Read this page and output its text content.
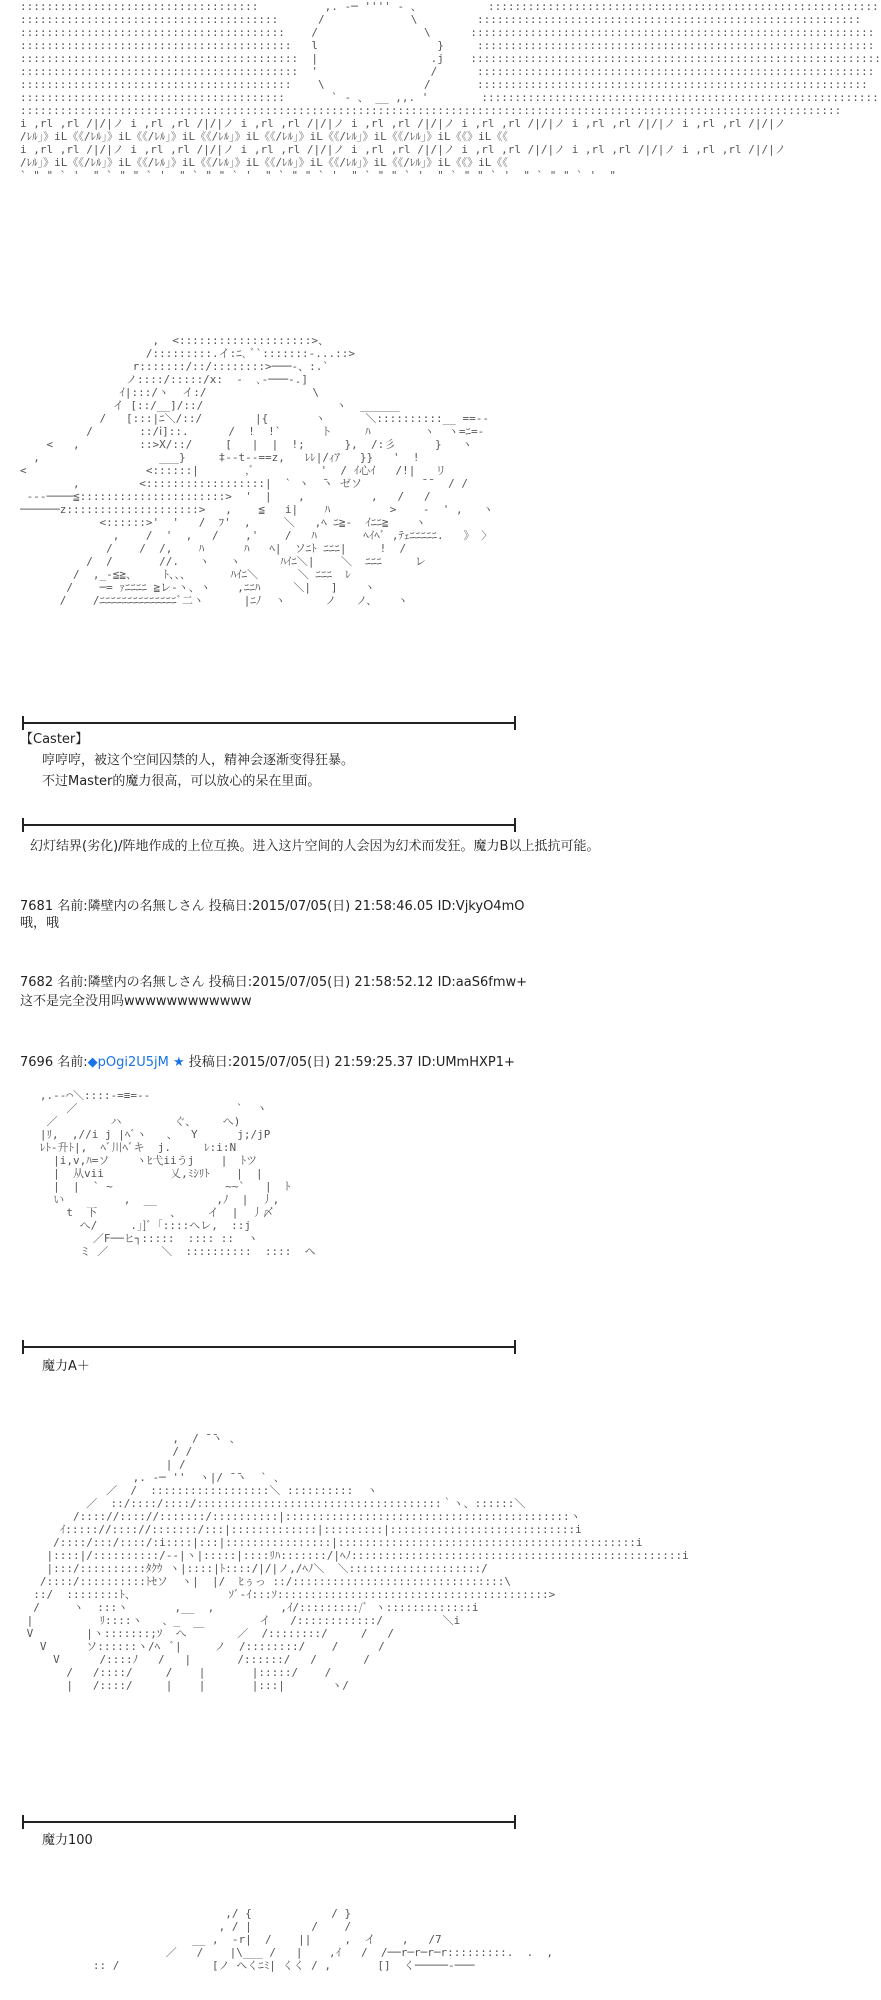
::::::::::::::::::::::::::::::::::::          ,. -─ '''' - 、          :::::::::::::::::::::::::::::::::::::::::::::::::::::::::::
:::::::::::::::::::::::::::::::::::::::      /             \         ::::::::::::::::::::::::::::::::::::::::::::::::::::::::::
::::::::::::::::::::::::::::::::::::::::    /                \      :::::::::::::::::::::::::::::::::::::::::::::::::::::::::::::
:::::::::::::::::::::::::::::::::::::::::   l                  }     ::::::::::::::::::::::::::::::::::::::::::::::::::::::::::::
::::::::::::::::::::::::::::::::::::::::::  |                 .j    ::::::::::::::::::::::::::::::::::::::::::::::::::::::::::::::
::::::::::::::::::::::::::::::::::::::::::  '                 /      ::::::::::::::::::::::::::::::::::::::::::::::::::::::::::::
:::::::::::::::::::::::::::::::::::::::::    \               /       :::::::::::::::::::::::::::::::::::::::::::::::::::::::::::
::::::::::::::::::::::::::::::::::::::::       ` - 、 __ ,,. '        ::::::::::::::::::::::::::::::::::::::::::::::::::::::::::::
::::::::::::::::::::::::::::::::::::::::::::::::::::::::::::::::::::::::::::::::::::::::::::::::::::::::::::::::::::::::::::
i ,rl ,rl /|/|ノ i ,rl ,rl /|/|ノ i ,rl ,rl /|/|ノ i ,rl ,rl /|/|ノ i ,rl ,rl /|/|ノ i ,rl ,rl /|/|ノ i ,rl ,rl /|/|ノ
/ﾚﾙ」》iL《《/ﾚﾙ」》iL《《/ﾚﾙ」》iL《《/ﾚﾙ」》iL《《/ﾚﾙ」》iL《《/ﾚﾙ」》iL《《/ﾚﾙ」》iL《《》iL《《
i ,rl ,rl /|/|ノ i ,rl ,rl /|/|ノ i ,rl ,rl /|/|ノ i ,rl ,rl /|/|ノ i ,rl ,rl /|/|ノ i ,rl ,rl /|/|ノ i ,rl ,rl /|/|ノ
/ﾚﾙ」》iL《《/ﾚﾙ」》iL《《/ﾚﾙ」》iL《《/ﾚﾙ」》iL《《/ﾚﾙ」》iL《《/ﾚﾙ」》iL《《/ﾚﾙ」》iL《《》iL《《
` " " ` '  " ` " " ` '  " ` " " ` '  " ` " " ` '  " ` " " ` '  " ` " " ` '  " ` " " ` '  "
,  <::::::::::::::::::::>、
/:::::::::.イ:ﾆ､ ﾞ`:::::::-...::>
r:::::::/::/::::::::>───-、:.`
ノ::::/:::::/x:  -  ､-───-.]
ｲ|:::/ヽ  イ:/                \
イ [::/__]/::/                    ヽ  ______
/   [:::|ﾆ＼/::/        |{       ヽ      ＼::::::::::__ ==--
/       ::/ⅰ]::.      /  !  !`      ト     ﾊ        ヽ  ヽ=ﾆ=-
<   ,         ::>X/::/     [   |  |  !;      },  /:彡      }   ヽ
,                  ___}     ‡--t--==z,   ﾚﾚ|/ｨｱ   }}   '  !
<                  <::::::|       ,ﾞ          '  / ｲ心ｲ   /!|   リ
,         <::::::::::::::::::|  ` ヽ  ̄ヽ ゼソ         ̄ ̄   / /
---────≦::::::::::::::::::::::>  '  |    ,          ,   /   /
──────z::::::::::::::::::::>   ,    ≦   i|    ﾊ         >    -  ' ,   ヽ
<::::::>'  '   /  ﾌ'  ,     ＼   ,ﾍ ﾆ≧-  ｲﾆﾆ≧    ヽ
,    /  '  ,   /    ,'    /   ﾊ       ﾍｲﾍﾞ ,ﾃｪﾆﾆﾆﾆﾆ.   》 〉
/    /  /,    ﾊ      ﾊ   ﾍ|  ソﾆﾄ ﾆﾆﾆ|     !  /
/  /       //.   ヽ   ヽ      ﾊｲﾆ＼|    ＼  ﾆﾆﾆ     レ
/  ,_-≦≧、    ﾄ、、、      ﾊｲﾆ＼      ＼ ﾆﾆﾆ  ﾚ
/    ─= ｧﾆﾆﾆﾆ ≧レ-ヽ、ヽ    ,ﾆﾆﾊ     ＼|   ]    ヽ
/    /ﾆﾆﾆﾆﾆﾆﾆﾆﾆﾆﾆﾆﾆﾆﾞ二ヽ      |ﾆﾉ  ヽ      ノ   ノ、   ヽ
【Caster】
哼哼哼，被这个空间囚禁的人，精神会逐渐变得狂暴。
不过Master的魔力很高，可以放心的呆在里面。
幻灯结界(劣化)/阵地作成的上位互换。进入这片空间的人会因为幻术而发狂。魔力B以上抵抗可能。
7681 名前:隣壁内の名無しさん 投稿日:2015/07/05(日) 21:58:46.05 ID:VjkyO4mO
哦，哦
7682 名前:隣壁内の名無しさん 投稿日:2015/07/05(日) 21:58:52.12 ID:aaS6fmw+
这不是完全没用吗wwwwwwwwwwww
7696 名前:◆pOgi2U5jM ★ 投稿日:2015/07/05(日) 21:59:25.37 ID:UMmHXP1+
,.-‐⌒＼::::-=≡=--
／                        `  ヽ
／        ハ        ぐ、    へ)
|ﾘ,  ,//i j |ﾍﾞヽ   、  Y      j;/jP
ﾚﾄ-升ﾄ|,  ﾍﾞ川ﾍﾞキ  j.     ﾚ:i:N
|i,v,ﾊ=ソ    ヽﾋ弋iiうj    |  ﾄツ
|  从vii          乂,ﾐｼﾘﾄ    |  |
|  |  ` ~                 ~~`   |  ﾄ
い         ,  __         ,ﾉ  |  丿,
t  下           、    イ  |  丿〆
へ/     .」]ﾞ「::::へレ,  ::j
／F──ヒ┐:::::  :::: ::  ヽ
ミ ／        ＼  ::::::::::  ::::  ヘ
魔力A＋
,  / ̄ ̄ヽ 、
/ /
| /
,. -─ ''  ヽ|/ ̄ ̄ヽ  ` 、
／  /  ::::::::::::::::::＼ ::::::::::  ヽ
／  ::/::::/::::/:::::::::::::::::::::::::::::::::::::｀ヽ、::::::＼
/:::://:::://:::::::/::::::::::|:::::::::::::::::::::::::::::::::::::::::::ヽ
ｲ::::://:::://:::::::/:::|:::::::::::::|:::::::::|::::::::::::::::::::::::::::i
/::::/:::/::::/:i::::|:::|::::::::::::::::|:::::::::::::::::::::::::::::::::::::::::::::i
|::::|/::::::::::/--|ヽ|:::::|::::ﾘﾊ:::::::/|ﾍﾉ::::::::::::::::::::::::::::::::::::::::::::::::::i
|:::/::::::::::ﾀｸｳ ヽ|::::|ﾄ::::/|/|ノ,/ﾍﾉ＼  ＼::::::::::::::::::::/
/::::/::::::::::ﾄｾソ  ヽ|  |/  ﾋぅっ ::/::::::::::::::::::::::::::::::::\
::/  ::::::::ﾄ、              ｿﾞ-ｲ:::ｿ:::::::::::::::::::::::::::::::::::::::::>
/     ヽ  :::ヽ       ,__  ,          ,ｲ/:::::::::/ﾞ ヽ:::::::::::::i
|          ﾘ::::ヽ   、_            イ   /::::::::::::/         ＼i
V        |ヽ:::::::;ｿ  へ ￣     ／  /::::::::/     /   /
V      ソ::::::ヽ/ﾍ  ﾞ|     ノ  /::::::::/    /      /
V      /::::ﾉ   /   |       /::::::/   /       /
/   /::::/     /    |       |:::::/    /
|   /::::/     |    |       |:::|       ヽ/
魔力100
,/ {            / }
, / |         /    /
__ ,  -r|  /    ||     ,  イ    ,   /7
／   /    |\___ /   |    ,ｲ   /  /──r─r─r─r:::::::::.  .  ,
:: /              [ノ ヘくﾆﾐ| くく / ,       []  く─────-───
